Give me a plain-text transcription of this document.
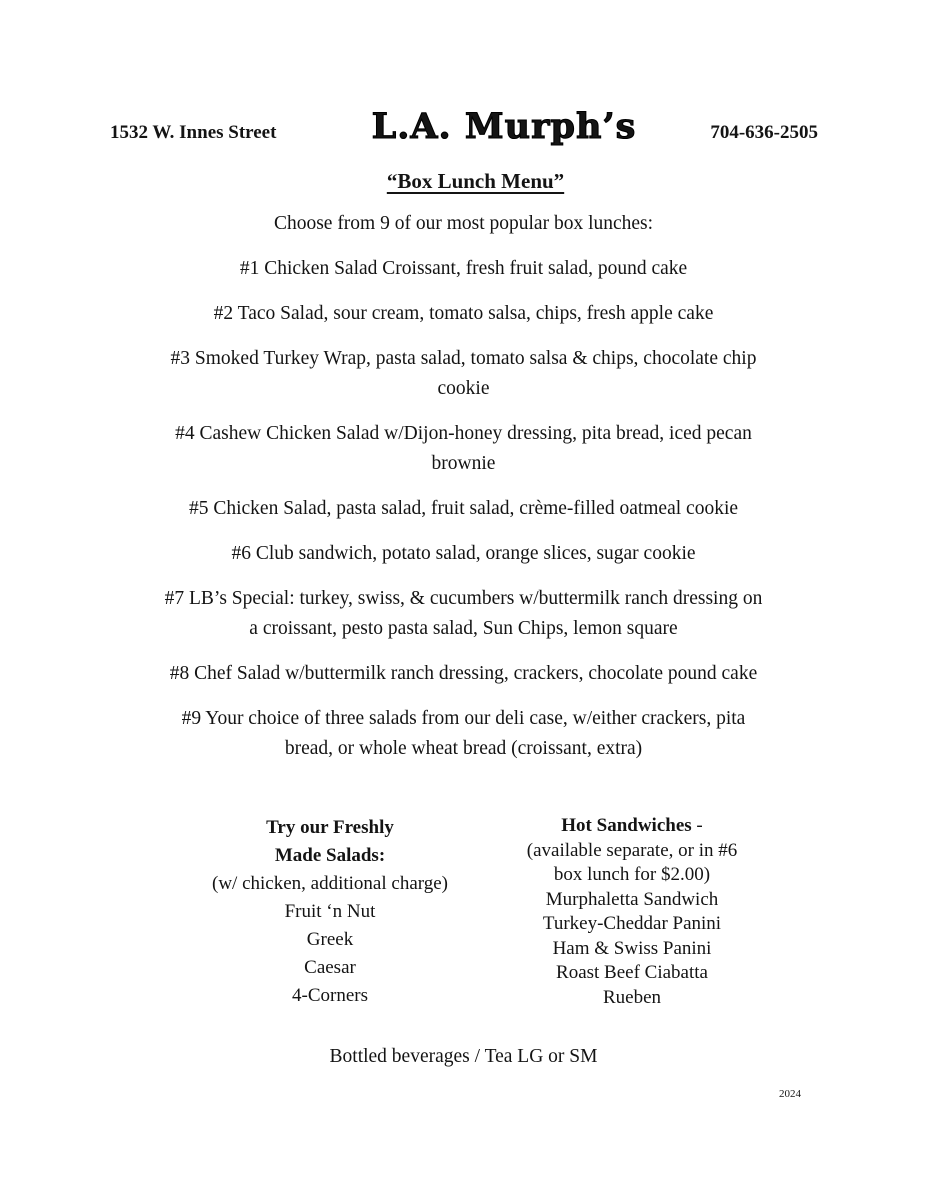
1532 W. Innes Street	L.A. Murph’s	704-636-2505
“Box Lunch Menu”

Choose from 9 of our most popular box lunches:

#1 Chicken Salad Croissant, fresh fruit salad, pound cake

#2 Taco Salad, sour cream, tomato salsa, chips, fresh apple cake

#3 Smoked Turkey Wrap, pasta salad, tomato salsa & chips, chocolate chip
cookie

#4 Cashew Chicken Salad w/Dijon-honey dressing, pita bread, iced pecan
brownie

#5 Chicken Salad, pasta salad, fruit salad, crème-filled oatmeal cookie

#6 Club sandwich, potato salad, orange slices, sugar cookie

#7 LB’s Special: turkey, swiss, & cucumbers w/buttermilk ranch dressing on
a croissant, pesto pasta salad, Sun Chips, lemon square

#8 Chef Salad w/buttermilk ranch dressing, crackers, chocolate pound cake

#9 Your choice of three salads from our deli case, w/either crackers, pita
bread, or whole wheat bread (croissant, extra)

Try our Freshly
Made Salads:
(w/ chicken, additional charge)
Fruit ‘n Nut
Greek
Caesar
4-Corners
Hot Sandwiches -
(available separate, or in #6
box lunch for $2.00)
Murphaletta Sandwich
Turkey-Cheddar Panini
Ham & Swiss Panini
Roast Beef Ciabatta
Rueben
Bottled beverages / Tea LG or SM
2024
